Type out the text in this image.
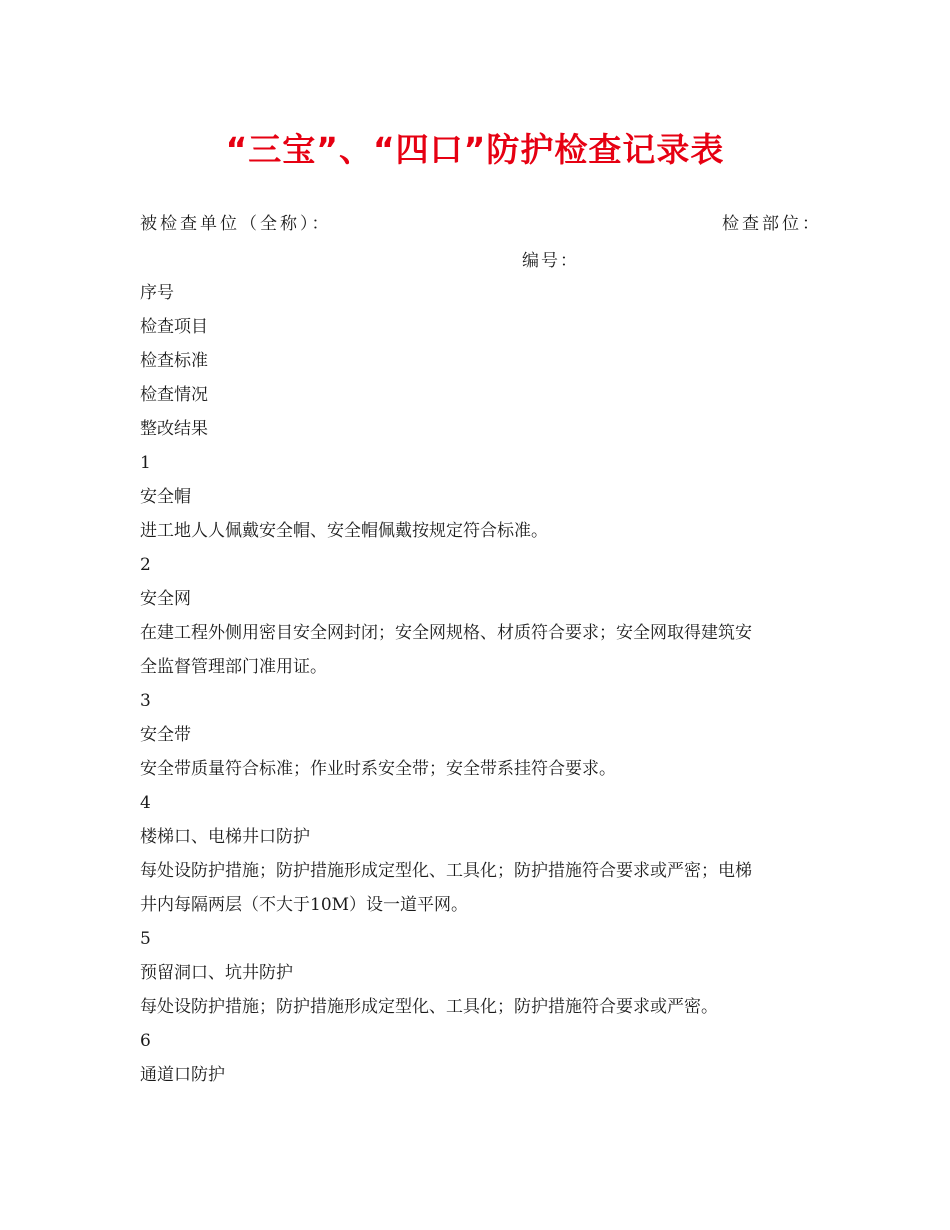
“三宝”、“四口”防护检查记录表
被检查单位（全称）：	检查部位：
编号：
序号
检查项目
检查标准
检查情况
整改结果
1
安全帽
进工地人人佩戴安全帽、安全帽佩戴按规定符合标准。
2
安全网
在建工程外侧用密目安全网封闭；安全网规格、材质符合要求；安全网取得建筑安
全监督管理部门准用证。
3
安全带
安全带质量符合标准；作业时系安全带；安全带系挂符合要求。
4
楼梯口、电梯井口防护
每处设防护措施；防护措施形成定型化、工具化；防护措施符合要求或严密；电梯
井内每隔两层（不大于10M）设一道平网。
5
预留洞口、坑井防护
每处设防护措施；防护措施形成定型化、工具化；防护措施符合要求或严密。
6
通道口防护
